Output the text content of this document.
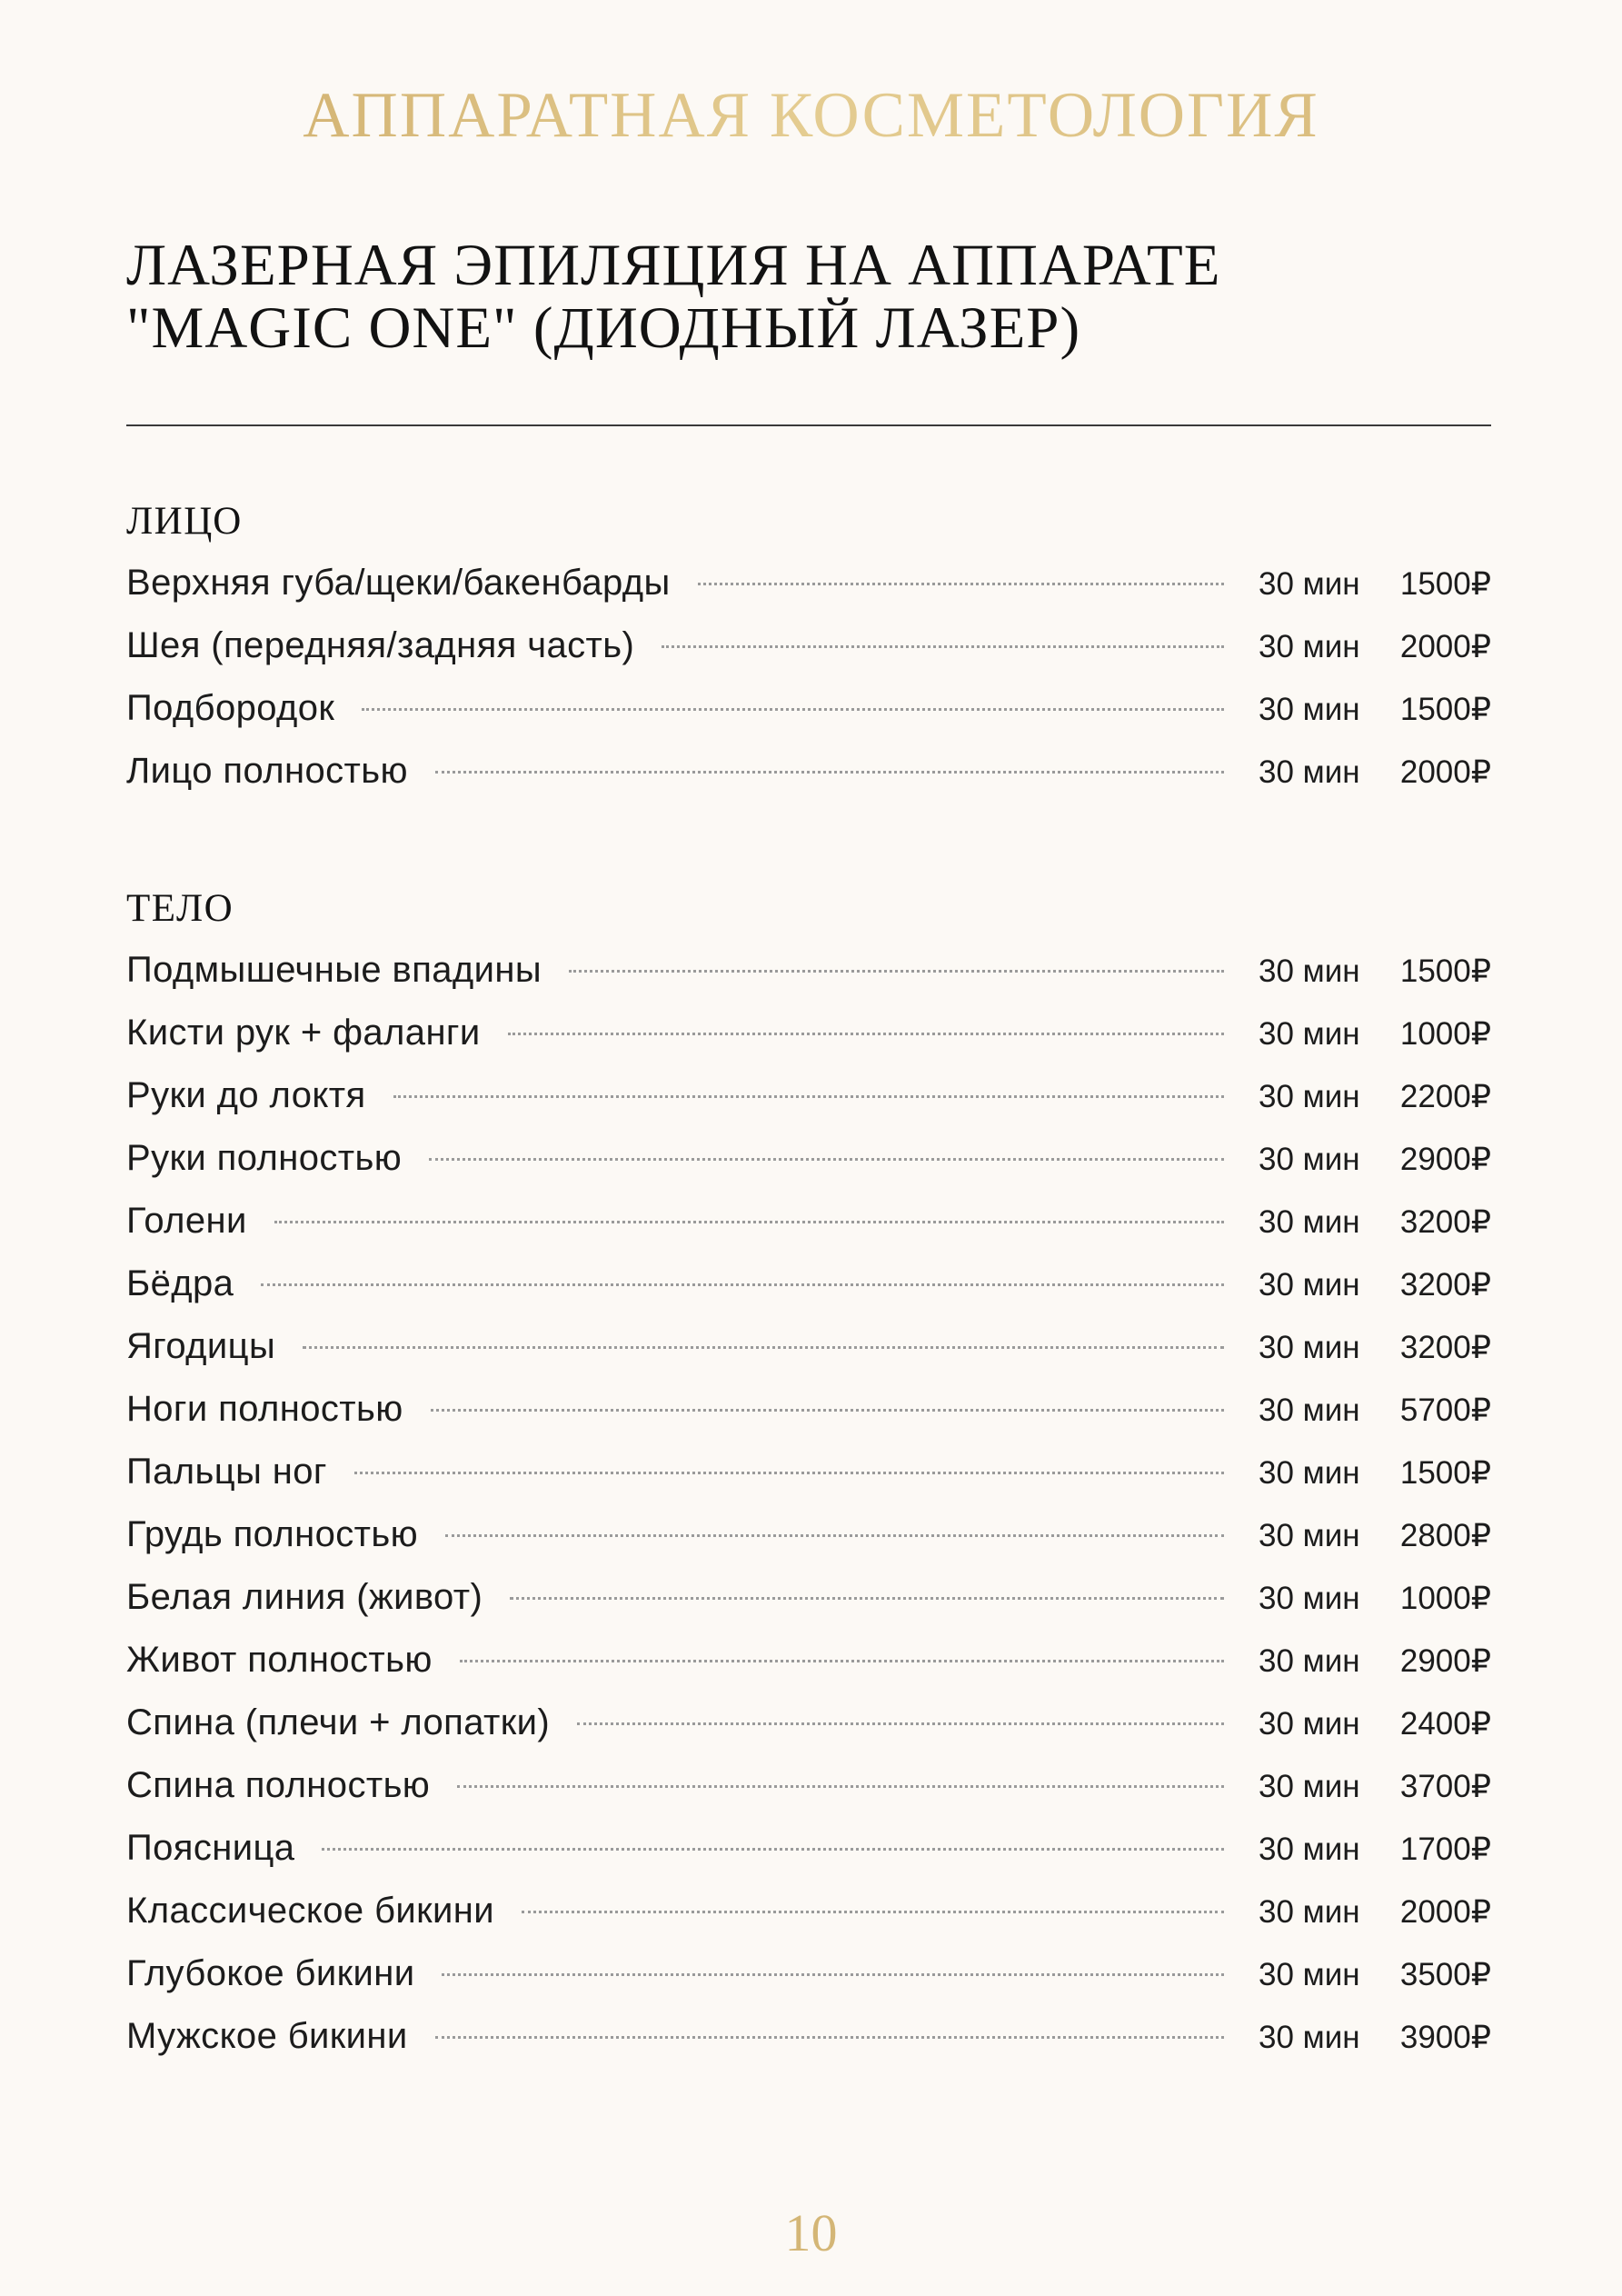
АППАРАТНАЯ КОСМЕТОЛОГИЯ
ЛАЗЕРНАЯ ЭПИЛЯЦИЯ НА АППАРАТЕ
"MAGIC ONE" (ДИОДНЫЙ ЛАЗЕР)
ЛИЦО
Верхняя губа/щеки/бакенбарды	30 мин	1500₽
Шея (передняя/задняя часть)	30 мин	2000₽
Подбородок	30 мин	1500₽
Лицо полностью	30 мин	2000₽
ТЕЛО
Подмышечные впадины	30 мин	1500₽
Кисти рук + фаланги	30 мин	1000₽
Руки до локтя	30 мин	2200₽
Руки полностью	30 мин	2900₽
Голени	30 мин	3200₽
Бёдра	30 мин	3200₽
Ягодицы	30 мин	3200₽
Ноги полностью	30 мин	5700₽
Пальцы ног	30 мин	1500₽
Грудь полностью	30 мин	2800₽
Белая линия (живот)	30 мин	1000₽
Живот полностью	30 мин	2900₽
Спина (плечи + лопатки)	30 мин	2400₽
Спина полностью	30 мин	3700₽
Поясница	30 мин	1700₽
Классическое бикини	30 мин	2000₽
Глубокое бикини	30 мин	3500₽
Мужское бикини	30 мин	3900₽
10
